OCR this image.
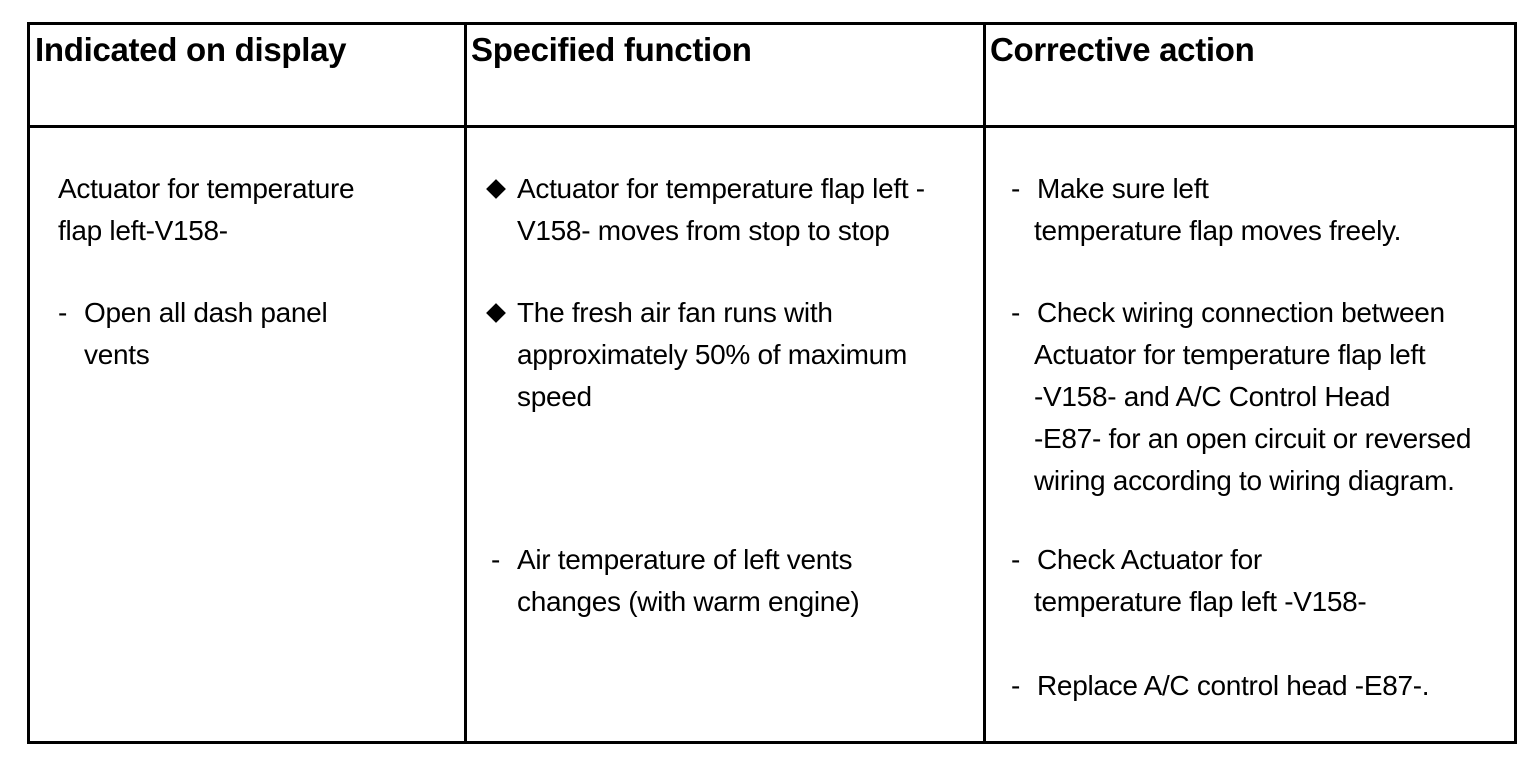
Indicated on display	Specified function	Corrective action
Actuator for temperature
flap left-V158-
- Open all dash panel
vents
Actuator for temperature flap left -
V158- moves from stop to stop
The fresh air fan runs with
approximately 50% of maximum
speed
- Air temperature of left vents
changes (with warm engine)
- Make sure left
temperature flap moves freely.
- Check wiring connection between
Actuator for temperature flap left
-V158- and A/C Control Head
-E87- for an open circuit or reversed
wiring according to wiring diagram.
- Check Actuator for
temperature flap left -V158-
- Replace A/C control head -E87-.
